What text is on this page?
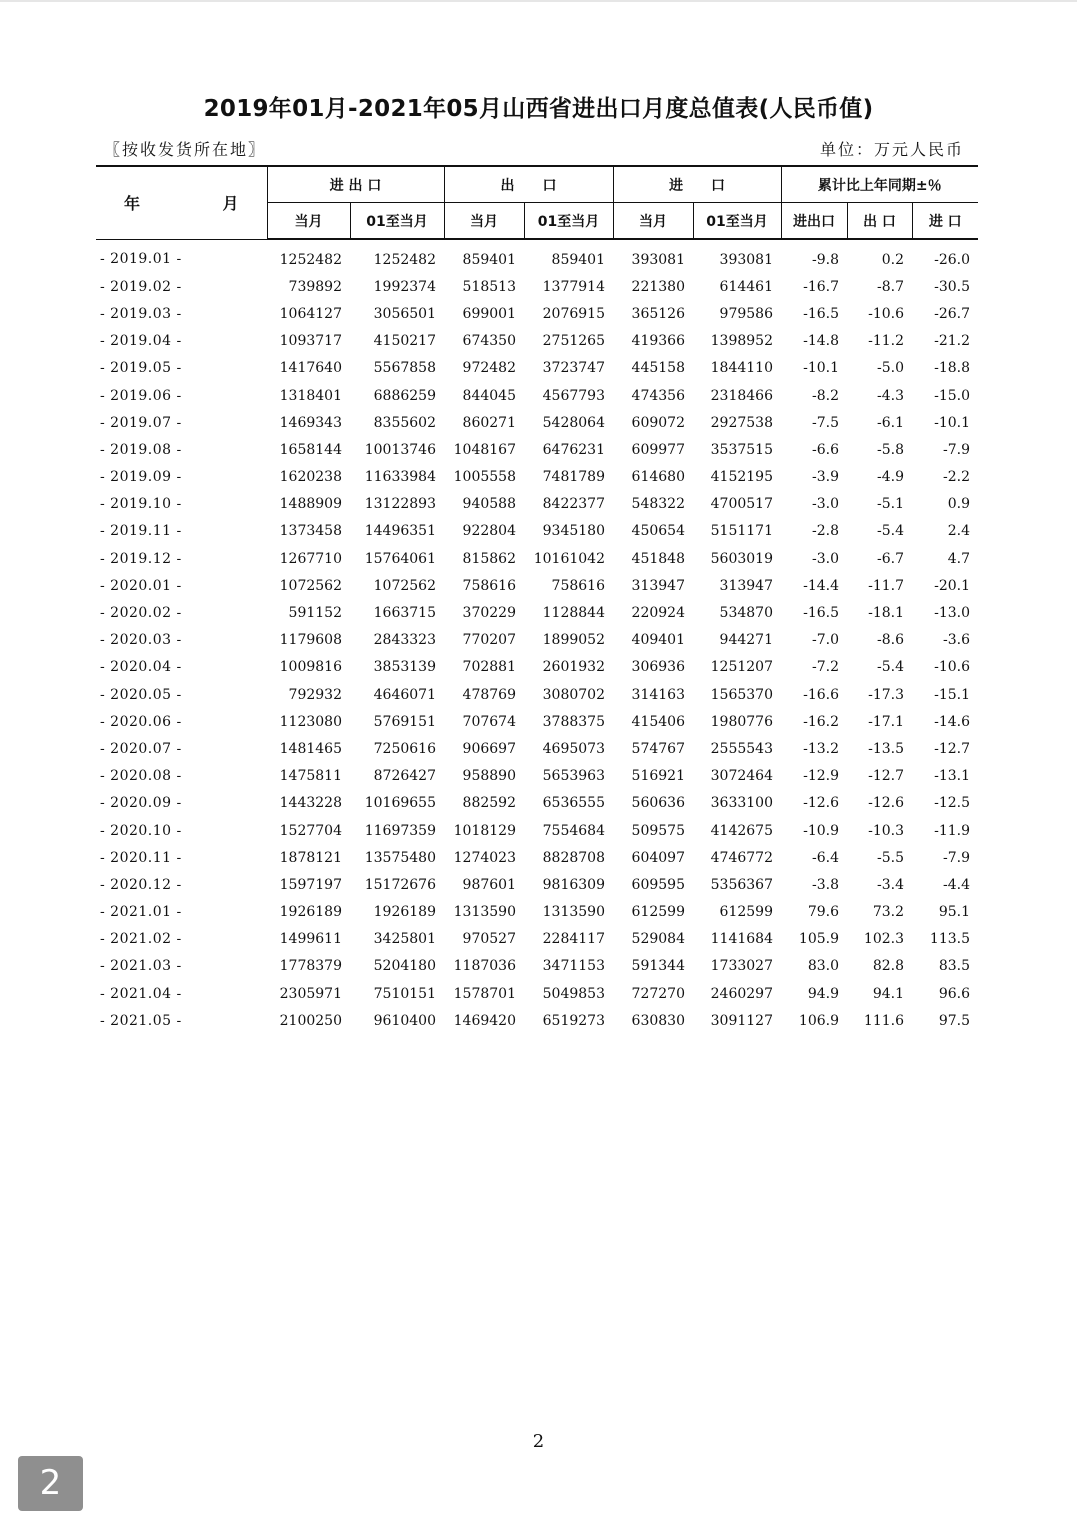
2019年01月-2021年05月山西省进出口月度总值表(人民币值)
〖按收发货所在地〗	单位：万元人民币
年 月	进 出 口		出　　口		进　　口		累计比上年同期±％		
	当月	01至当月	当月	01至当月	当月	01至当月	进出口	出 口	进 口
- 2019.01 -	1252482	1252482	859401	859401	393081	393081	-9.8	0.2	-26.0
- 2019.02 -	739892	1992374	518513	1377914	221380	614461	-16.7	-8.7	-30.5
- 2019.03 -	1064127	3056501	699001	2076915	365126	979586	-16.5	-10.6	-26.7
- 2019.04 -	1093717	4150217	674350	2751265	419366	1398952	-14.8	-11.2	-21.2
- 2019.05 -	1417640	5567858	972482	3723747	445158	1844110	-10.1	-5.0	-18.8
- 2019.06 -	1318401	6886259	844045	4567793	474356	2318466	-8.2	-4.3	-15.0
- 2019.07 -	1469343	8355602	860271	5428064	609072	2927538	-7.5	-6.1	-10.1
- 2019.08 -	1658144	10013746	1048167	6476231	609977	3537515	-6.6	-5.8	-7.9
- 2019.09 -	1620238	11633984	1005558	7481789	614680	4152195	-3.9	-4.9	-2.2
- 2019.10 -	1488909	13122893	940588	8422377	548322	4700517	-3.0	-5.1	0.9
- 2019.11 -	1373458	14496351	922804	9345180	450654	5151171	-2.8	-5.4	2.4
- 2019.12 -	1267710	15764061	815862	10161042	451848	5603019	-3.0	-6.7	4.7
- 2020.01 -	1072562	1072562	758616	758616	313947	313947	-14.4	-11.7	-20.1
- 2020.02 -	591152	1663715	370229	1128844	220924	534870	-16.5	-18.1	-13.0
- 2020.03 -	1179608	2843323	770207	1899052	409401	944271	-7.0	-8.6	-3.6
- 2020.04 -	1009816	3853139	702881	2601932	306936	1251207	-7.2	-5.4	-10.6
- 2020.05 -	792932	4646071	478769	3080702	314163	1565370	-16.6	-17.3	-15.1
- 2020.06 -	1123080	5769151	707674	3788375	415406	1980776	-16.2	-17.1	-14.6
- 2020.07 -	1481465	7250616	906697	4695073	574767	2555543	-13.2	-13.5	-12.7
- 2020.08 -	1475811	8726427	958890	5653963	516921	3072464	-12.9	-12.7	-13.1
- 2020.09 -	1443228	10169655	882592	6536555	560636	3633100	-12.6	-12.6	-12.5
- 2020.10 -	1527704	11697359	1018129	7554684	509575	4142675	-10.9	-10.3	-11.9
- 2020.11 -	1878121	13575480	1274023	8828708	604097	4746772	-6.4	-5.5	-7.9
- 2020.12 -	1597197	15172676	987601	9816309	609595	5356367	-3.8	-3.4	-4.4
- 2021.01 -	1926189	1926189	1313590	1313590	612599	612599	79.6	73.2	95.1
- 2021.02 -	1499611	3425801	970527	2284117	529084	1141684	105.9	102.3	113.5
- 2021.03 -	1778379	5204180	1187036	3471153	591344	1733027	83.0	82.8	83.5
- 2021.04 -	2305971	7510151	1578701	5049853	727270	2460297	94.9	94.1	96.6
- 2021.05 -	2100250	9610400	1469420	6519273	630830	3091127	106.9	111.6	97.5
2
2
